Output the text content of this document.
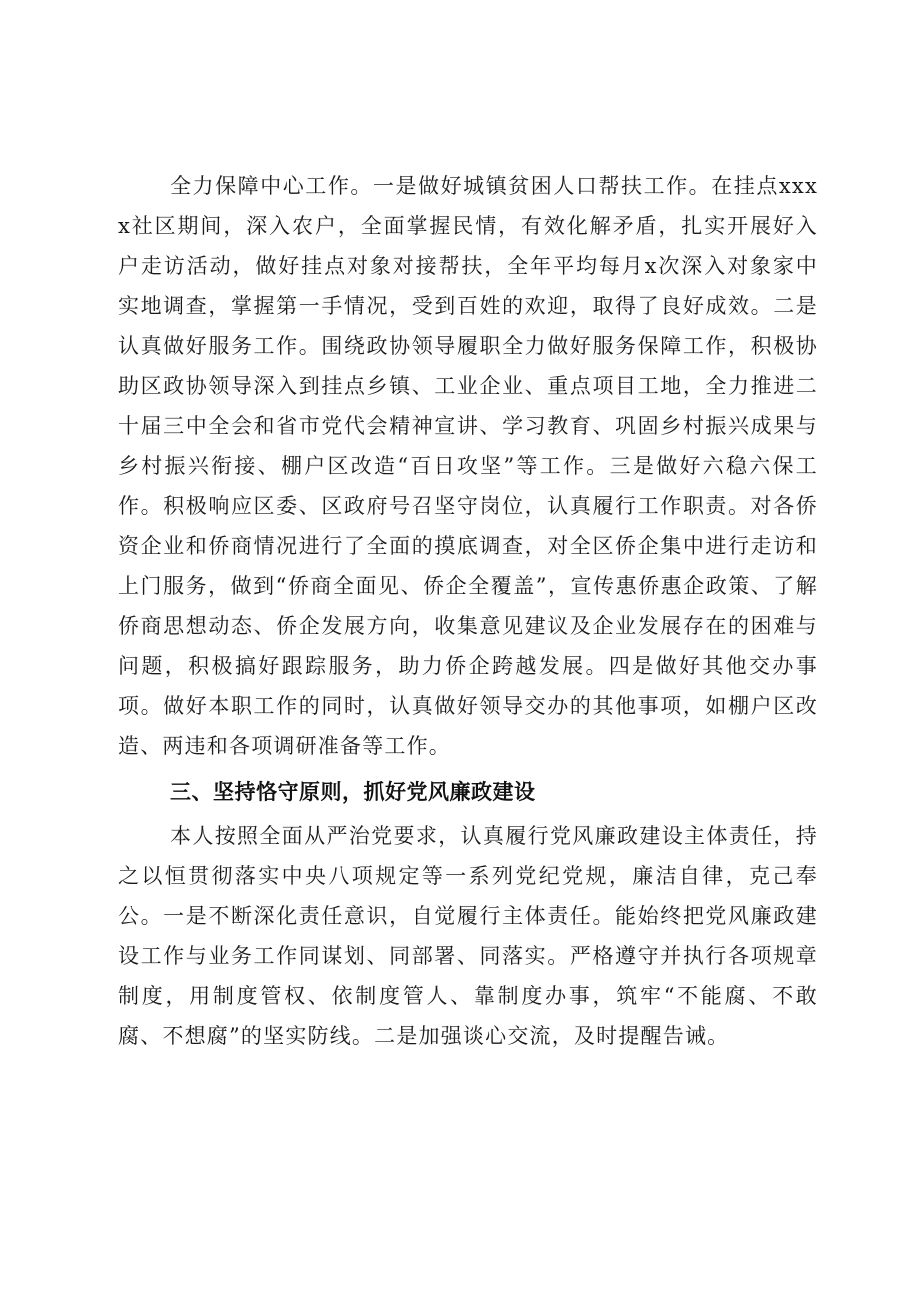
全力保障中心工作。一是做好城镇贫困人口帮扶工作。在挂点xxxx社区期间，深入农户，全面掌握民情，有效化解矛盾，扎实开展好入户走访活动，做好挂点对象对接帮扶，全年平均每月x次深入对象家中实地调查，掌握第一手情况，受到百姓的欢迎，取得了良好成效。二是认真做好服务工作。围绕政协领导履职全力做好服务保障工作，积极协助区政协领导深入到挂点乡镇、工业企业、重点项目工地，全力推进二十届三中全会和省市党代会精神宣讲、学习教育、巩固乡村振兴成果与乡村振兴衔接、棚户区改造“百日攻坚”等工作。三是做好六稳六保工作。积极响应区委、区政府号召坚守岗位，认真履行工作职责。对各侨资企业和侨商情况进行了全面的摸底调查，对全区侨企集中进行走访和上门服务，做到“侨商全面见、侨企全覆盖”，宣传惠侨惠企政策、了解侨商思想动态、侨企发展方向，收集意见建议及企业发展存在的困难与问题，积极搞好跟踪服务，助力侨企跨越发展。四是做好其他交办事项。做好本职工作的同时，认真做好领导交办的其他事项，如棚户区改造、两违和各项调研准备等工作。

三、坚持恪守原则，抓好党风廉政建设

本人按照全面从严治党要求，认真履行党风廉政建设主体责任，持之以恒贯彻落实中央八项规定等一系列党纪党规，廉洁自律，克己奉公。一是不断深化责任意识，自觉履行主体责任。能始终把党风廉政建设工作与业务工作同谋划、同部署、同落实。严格遵守并执行各项规章制度，用制度管权、依制度管人、靠制度办事，筑牢“不能腐、不敢腐、不想腐”的坚实防线。二是加强谈心交流，及时提醒告诫。
